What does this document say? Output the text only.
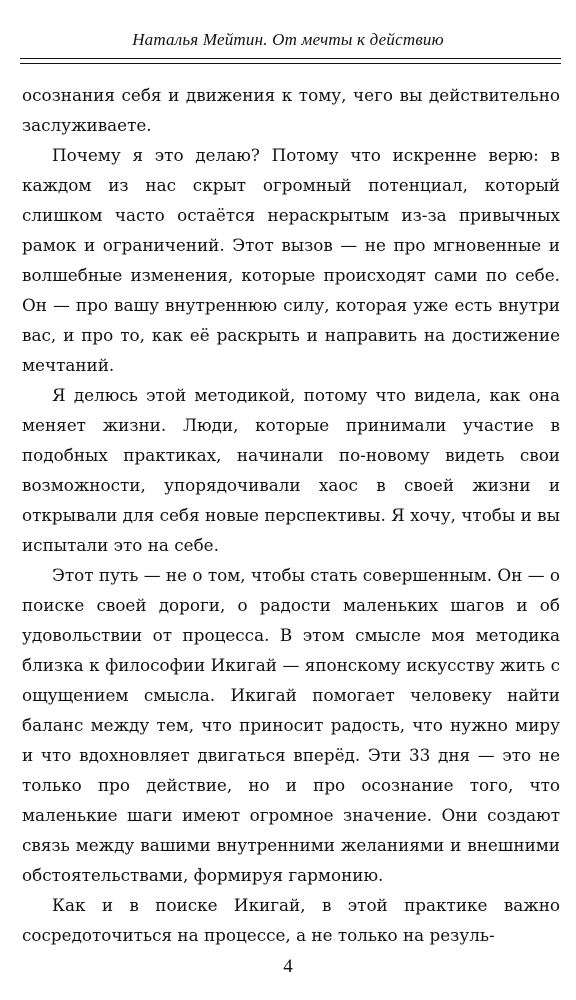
Наталья Мейтин. От мечты к действию

осознания себя и движения к тому, чего вы действительно заслуживаете.

Почему я это делаю? Потому что искренне верю: в каждом из нас скрыт огромный потенциал, который слишком часто остаётся нераскрытым из-за привычных рамок и ограничений. Этот вызов — не про мгновенные и волшебные изменения, которые происходят сами по себе. Он — про вашу внутреннюю силу, которая уже есть внутри вас, и про то, как её раскрыть и направить на достижение мечтаний.

Я делюсь этой методикой, потому что видела, как она меняет жизни. Люди, которые принимали участие в подобных практиках, начинали по-новому видеть свои возможности, упорядочивали хаос в своей жизни и открывали для себя новые перспективы. Я хочу, чтобы и вы испытали это на себе.

Этот путь — не о том, чтобы стать совершенным. Он — о поиске своей дороги, о радости маленьких шагов и об удовольствии от процесса. В этом смысле моя методика близка к философии Икигай — японскому искусству жить с ощущением смысла. Икигай помогает человеку найти баланс между тем, что приносит радость, что нужно миру и что вдохновляет двигаться вперёд. Эти 33 дня — это не только про действие, но и про осознание того, что маленькие шаги имеют огромное значение. Они создают связь между вашими внутренними желаниями и внешними обстоятельствами, формируя гармонию.

Как и в поиске Икигай, в этой практике важно сосредоточиться на процессе, а не только на резуль-

4
